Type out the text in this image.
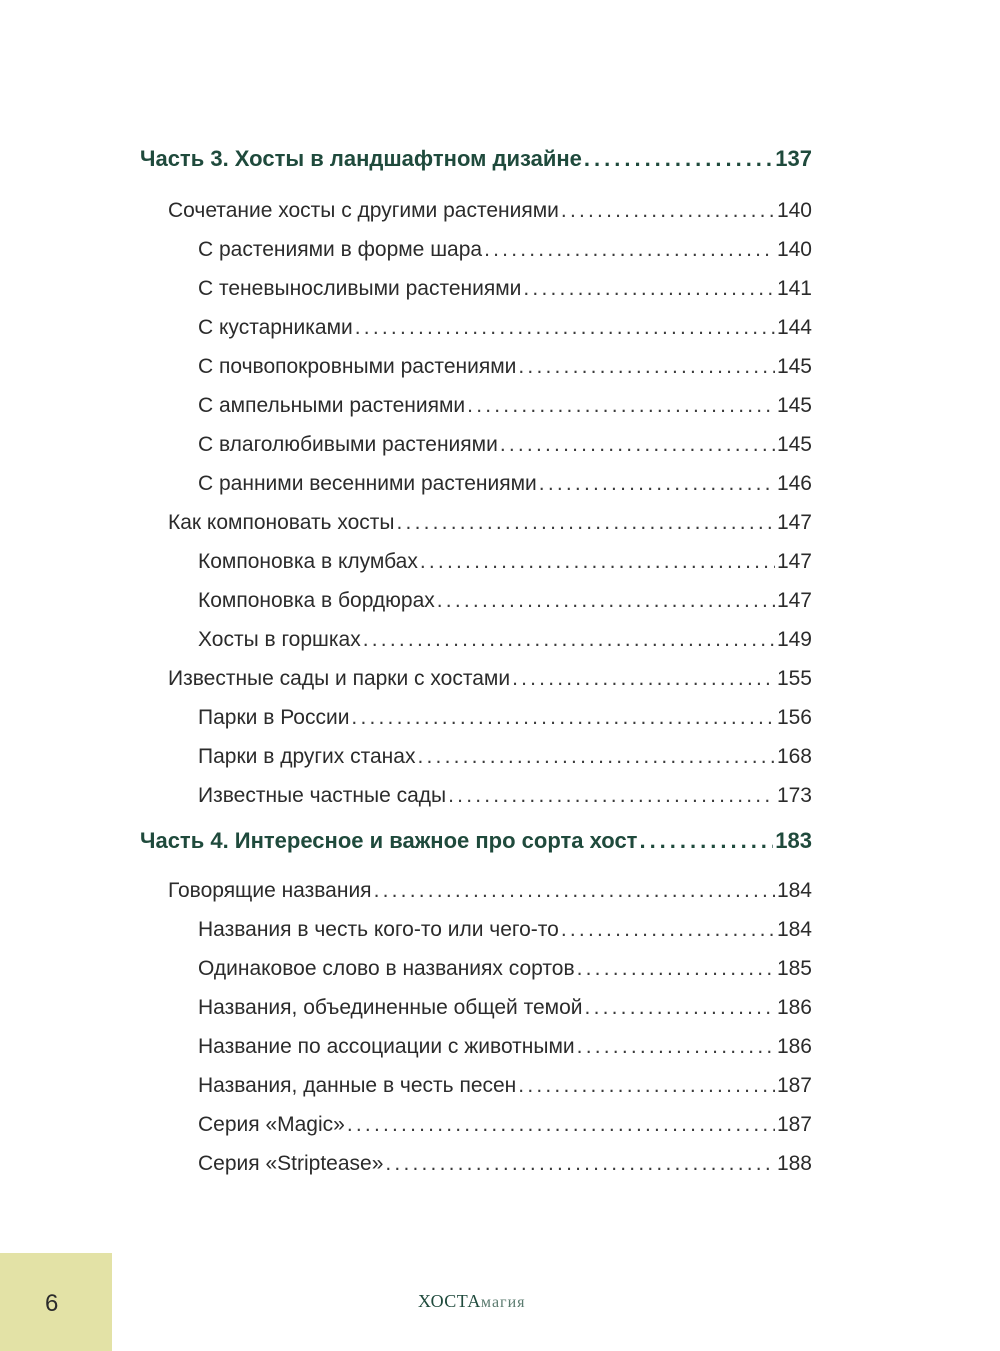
Часть 3. Хосты в ландшафтном дизайне .....	137
Сочетание хосты с другими растениями .....	140
С растениями в форме шара .....	140
С теневыносливыми растениями .....	141
С кустарниками .....	144
С почвопокровными растениями .....	145
С ампельными растениями .....	145
С влаголюбивыми растениями .....	145
С ранними весенними растениями .....	146
Как компоновать хосты .....	147
Компоновка в клумбах .....	147
Компоновка в бордюрах .....	147
Хосты в горшках .....	149
Известные сады и парки с хостами .....	155
Парки в России .....	156
Парки в других станах .....	168
Известные частные сады .....	173
Часть 4. Интересное и важное про сорта хост .....	183
Говорящие названия .....	184
Названия в честь кого-то или чего-то .....	184
Одинаковое слово в названиях сортов .....	185
Названия, объединенные общей темой .....	186
Название по ассоциации с животными .....	186
Названия, данные в честь песен .....	187
Серия «Magic» .....	187
Серия «Striptease» .....	188
6	ХОСТАмагия
